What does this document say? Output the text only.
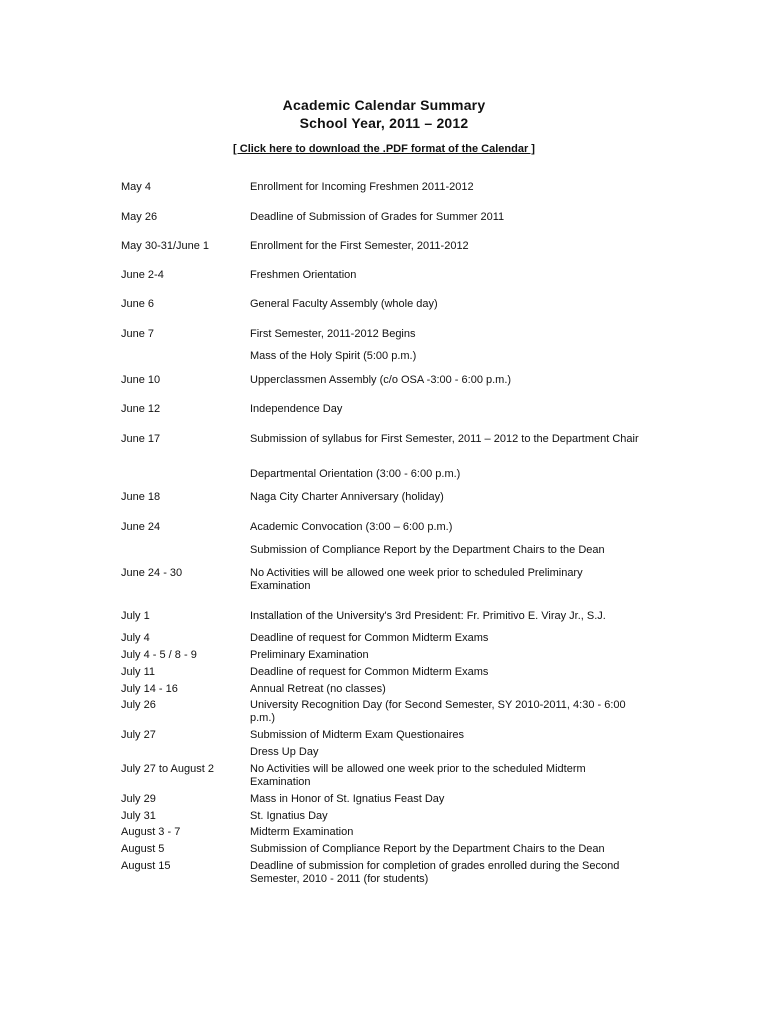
Academic Calendar Summary
School Year, 2011 – 2012
[ Click here to download the .PDF format of the Calendar ]
May 4	Enrollment for Incoming Freshmen 2011-2012
May 26	Deadline of Submission of Grades for Summer 2011
May 30-31/June 1	Enrollment for the First Semester, 2011-2012
June 2-4	Freshmen Orientation
June 6	General Faculty Assembly (whole day)
June 7	First Semester, 2011-2012 Begins
Mass of the Holy Spirit (5:00 p.m.)
June 10	Upperclassmen Assembly (c/o OSA -3:00 - 6:00 p.m.)
June 12	Independence Day
June 17	Submission of syllabus for First Semester, 2011 – 2012 to the Department Chair
Departmental Orientation (3:00 - 6:00 p.m.)
June 18	Naga City Charter Anniversary (holiday)
June 24	Academic Convocation (3:00 – 6:00 p.m.)
Submission of Compliance Report by the Department Chairs to the Dean
June 24 - 30	No Activities will be allowed one week prior to scheduled Preliminary Examination
July 1	Installation of the University's 3rd President: Fr. Primitivo E. Viray Jr., S.J.
July 4	Deadline of request for Common Midterm Exams
July 4 - 5 / 8 - 9	Preliminary Examination
July 11	Deadline of request for Common Midterm Exams
July 14 - 16	Annual Retreat (no classes)
July 26	University Recognition Day (for Second Semester, SY 2010-2011, 4:30 - 6:00 p.m.)
July 27	Submission of Midterm Exam Questionaires
Dress Up Day
July 27 to August 2	No Activities will be allowed one week prior to the scheduled Midterm Examination
July 29	Mass in Honor of St. Ignatius Feast Day
July 31	St. Ignatius Day
August 3 - 7	Midterm Examination
August 5	Submission of Compliance Report by the Department Chairs to the Dean
August 15	Deadline of submission for completion of grades enrolled during the Second Semester, 2010 - 2011 (for students)
